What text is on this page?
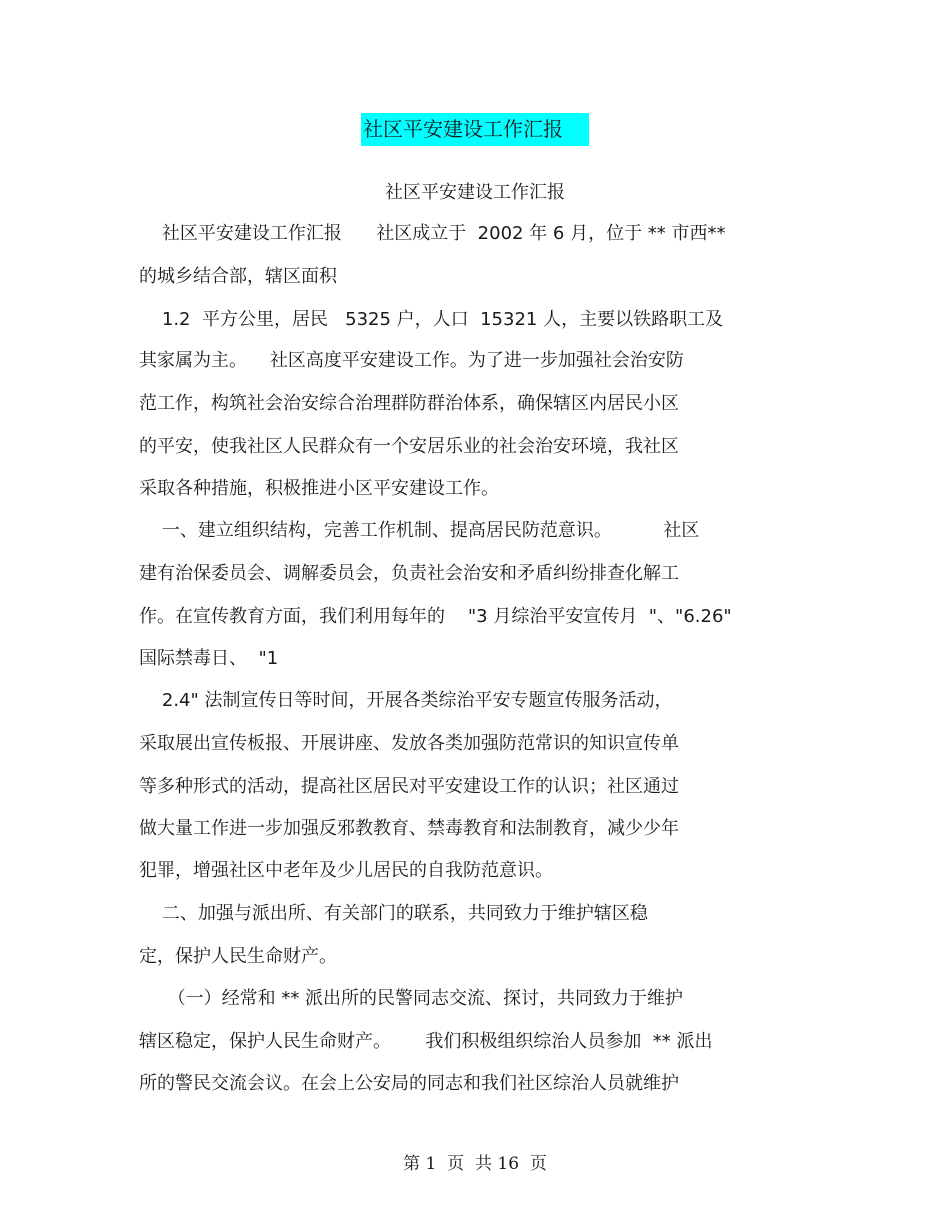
社区平安建设工作汇报
社区平安建设工作汇报
社区平安建设工作汇报      社区成立于  2002 年 6 月，位于 ** 市西**
的城乡结合部，辖区面积
1.2  平方公里，居民   5325 户，人口  15321 人，主要以铁路职工及
其家属为主。    社区高度平安建设工作。为了进一步加强社会治安防
范工作，构筑社会治安综合治理群防群治体系，确保辖区内居民小区
的平安，使我社区人民群众有一个安居乐业的社会治安环境，我社区
采取各种措施，积极推进小区平安建设工作。
一、建立组织结构，完善工作机制、提高居民防范意识。         社区
建有治保委员会、调解委员会，负责社会治安和矛盾纠纷排查化解工
作。在宣传教育方面，我们利用每年的    "3 月综治平安宣传月  "、"6.26"
国际禁毒日、  "1
2.4" 法制宣传日等时间，开展各类综治平安专题宣传服务活动，
采取展出宣传板报、开展讲座、发放各类加强防范常识的知识宣传单
等多种形式的活动，提高社区居民对平安建设工作的认识；社区通过
做大量工作进一步加强反邪教教育、禁毒教育和法制教育，减少少年
犯罪，增强社区中老年及少儿居民的自我防范意识。
二、加强与派出所、有关部门的联系，共同致力于维护辖区稳
定，保护人民生命财产。
（一）经常和 ** 派出所的民警同志交流、探讨，共同致力于维护
辖区稳定，保护人民生命财产。      我们积极组织综治人员参加  ** 派出
所的警民交流会议。在会上公安局的同志和我们社区综治人员就维护
第 1  页  共 16  页
